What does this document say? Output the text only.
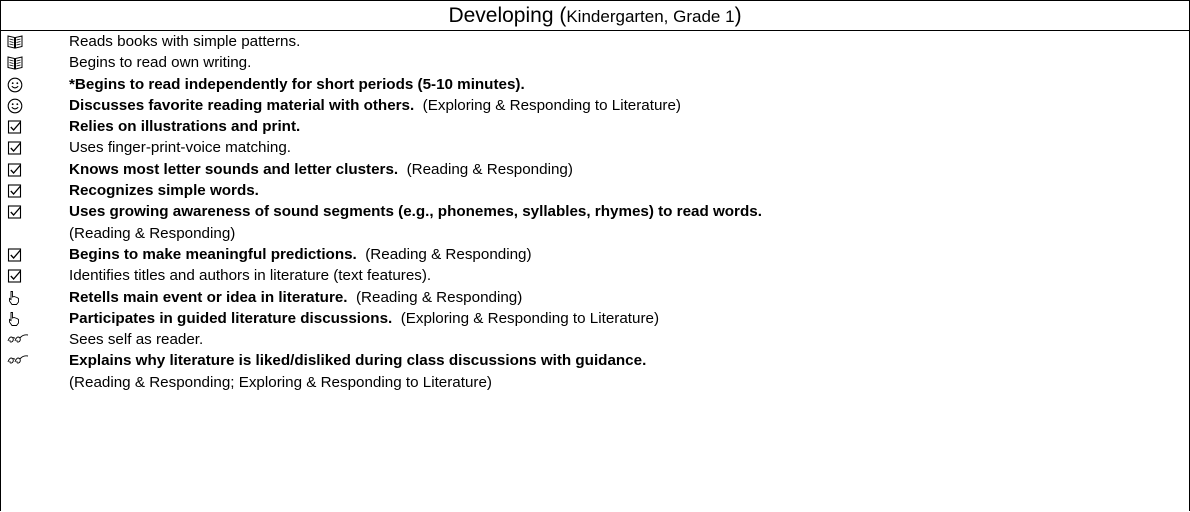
Developing (Kindergarten, Grade 1)
Reads books with simple patterns.
Begins to read own writing.
*Begins to read independently for short periods (5-10 minutes).
Discusses favorite reading material with others.  (Exploring & Responding to Literature)
Relies on illustrations and print.
Uses finger-print-voice matching.
Knows most letter sounds and letter clusters.  (Reading & Responding)
Recognizes simple words.
Uses growing awareness of sound segments (e.g., phonemes, syllables, rhymes) to read words.
(Reading & Responding)
Begins to make meaningful predictions.  (Reading & Responding)
Identifies titles and authors in literature (text features).
Retells main event or idea in literature.  (Reading & Responding)
Participates in guided literature discussions.  (Exploring & Responding to Literature)
Sees self as reader.
Explains why literature is liked/disliked during class discussions with guidance.
(Reading & Responding; Exploring & Responding to Literature)
